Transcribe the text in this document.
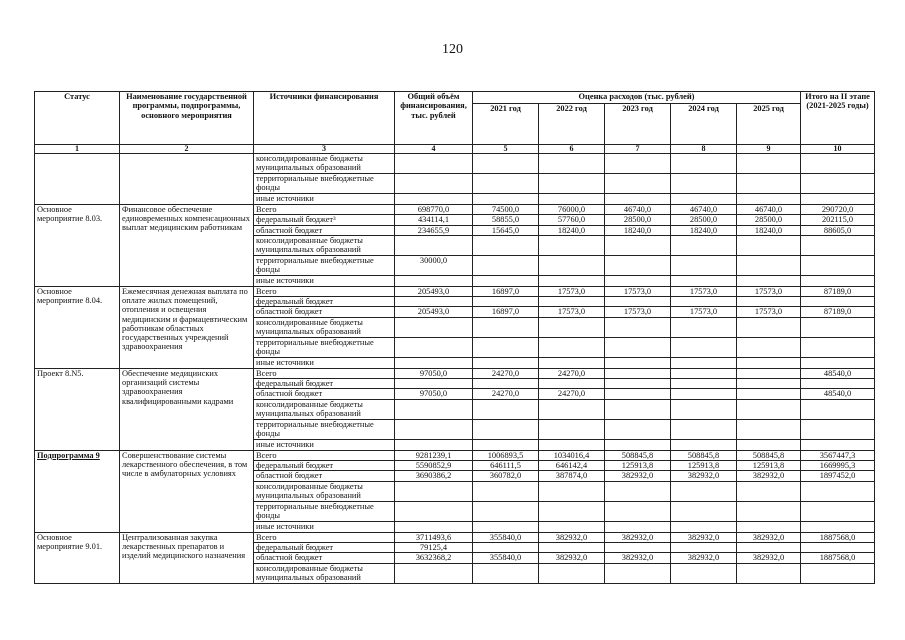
120
Статус	Наименование государственной программы, подпрограммы, основного мероприятия	Источники финансирования	Общий объём финансирования, тыс. рублей	Оценка расходов (тыс. рублей)					Итого на II этапе (2021-2025 годы)
				2021 год	2022 год	2023 год	2024 год	2025 год	
1	2	3	4	5	6	7	8	9	10
		консолидированные бюджеты муниципальных образований							
		территориальные внебюджетные фонды							
		иные источники							
Основное мероприятие 8.03.	Финансовое обеспечение единовременных компенсационных выплат медицинским работникам	Всего	698770,0	74500,0	76000,0	46740,0	46740,0	46740,0	290720,0
		федеральный бюджет³	434114,1	58855,0	57760,0	28500,0	28500,0	28500,0	202115,0
		областной бюджет	234655,9	15645,0	18240,0	18240,0	18240,0	18240,0	88605,0
		консолидированные бюджеты муниципальных образований							
		территориальные внебюджетные фонды	30000,0						
		иные источники							
Основное мероприятие 8.04.	Ежемесячная денежная выплата по оплате жилых помещений, отопления и освещения медицинским и фармацевтическим работникам областных государственных учреждений здравоохранения	Всего	205493,0	16897,0	17573,0	17573,0	17573,0	17573,0	87189,0
		федеральный бюджет							
		областной бюджет	205493,0	16897,0	17573,0	17573,0	17573,0	17573,0	87189,0
		консолидированные бюджеты муниципальных образований							
		территориальные внебюджетные фонды							
		иные источники							
Проект 8.N5.	Обеспечение медицинских организаций системы здравоохранения квалифицированными кадрами	Всего	97050,0	24270,0	24270,0				48540,0
		федеральный бюджет							
		областной бюджет	97050,0	24270,0	24270,0				48540,0
		консолидированные бюджеты муниципальных образований							
		территориальные внебюджетные фонды							
		иные источники							
Подпрограмма 9	Совершенствование системы лекарственного обеспечения, в том числе в амбулаторных условиях	Всего	9281239,1	1006893,5	1034016,4	508845,8	508845,8	508845,8	3567447,3
		федеральный бюджет	5590852,9	646111,5	646142,4	125913,8	125913,8	125913,8	1669995,3
		областной бюджет	3690386,2	360782,0	387874,0	382932,0	382932,0	382932,0	1897452,0
		консолидированные бюджеты муниципальных образований							
		территориальные внебюджетные фонды							
		иные источники							
Основное мероприятие 9.01.	Централизованная закупка лекарственных препаратов и изделий медицинского назначения	Всего	3711493,6	355840,0	382932,0	382932,0	382932,0	382932,0	1887568,0
		федеральный бюджет	79125,4						
		областной бюджет	3632368,2	355840,0	382932,0	382932,0	382932,0	382932,0	1887568,0
		консолидированные бюджеты муниципальных образований							
